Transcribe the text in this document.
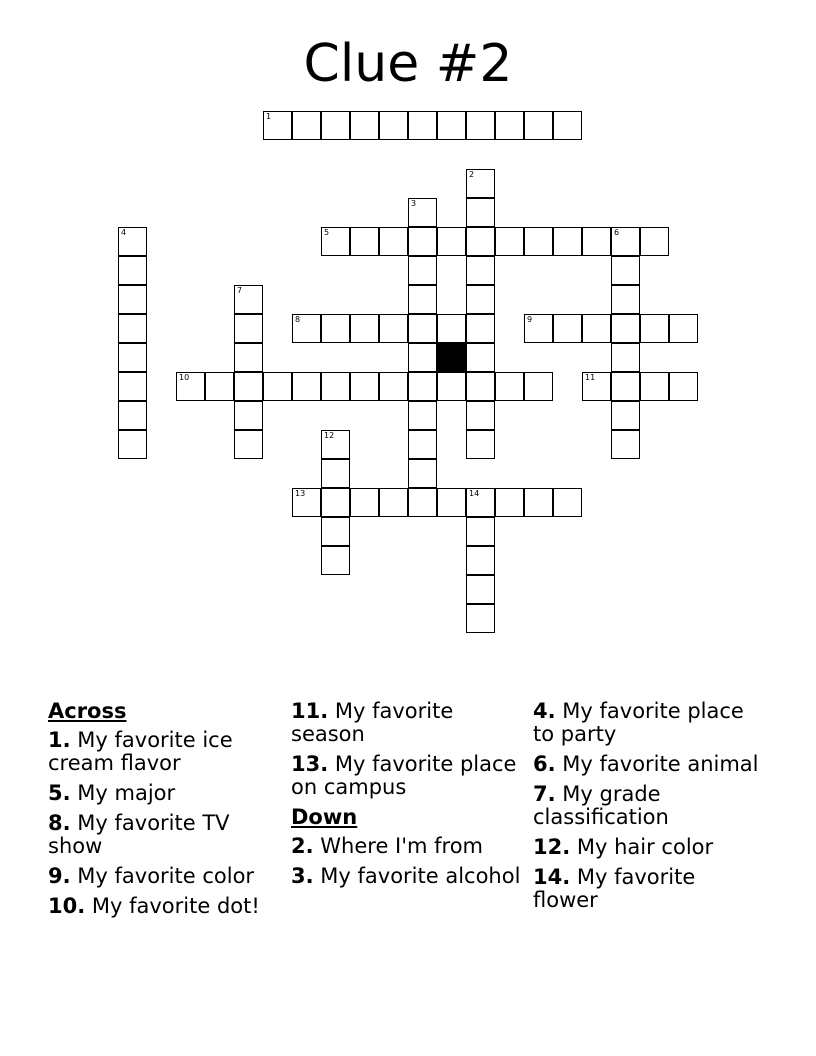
Clue #2
1
2
3
4	5	6
7
8	9
10	11
12
13	14
Across
1. My favorite ice cream flavor
5. My major
8. My favorite TV show
9. My favorite color
10. My favorite dot!
11. My favorite season
13. My favorite place on campus
Down
2. Where I'm from
3. My favorite alcohol
4. My favorite place to party
6. My favorite animal
7. My grade classification
12. My hair color
14. My favorite flower
